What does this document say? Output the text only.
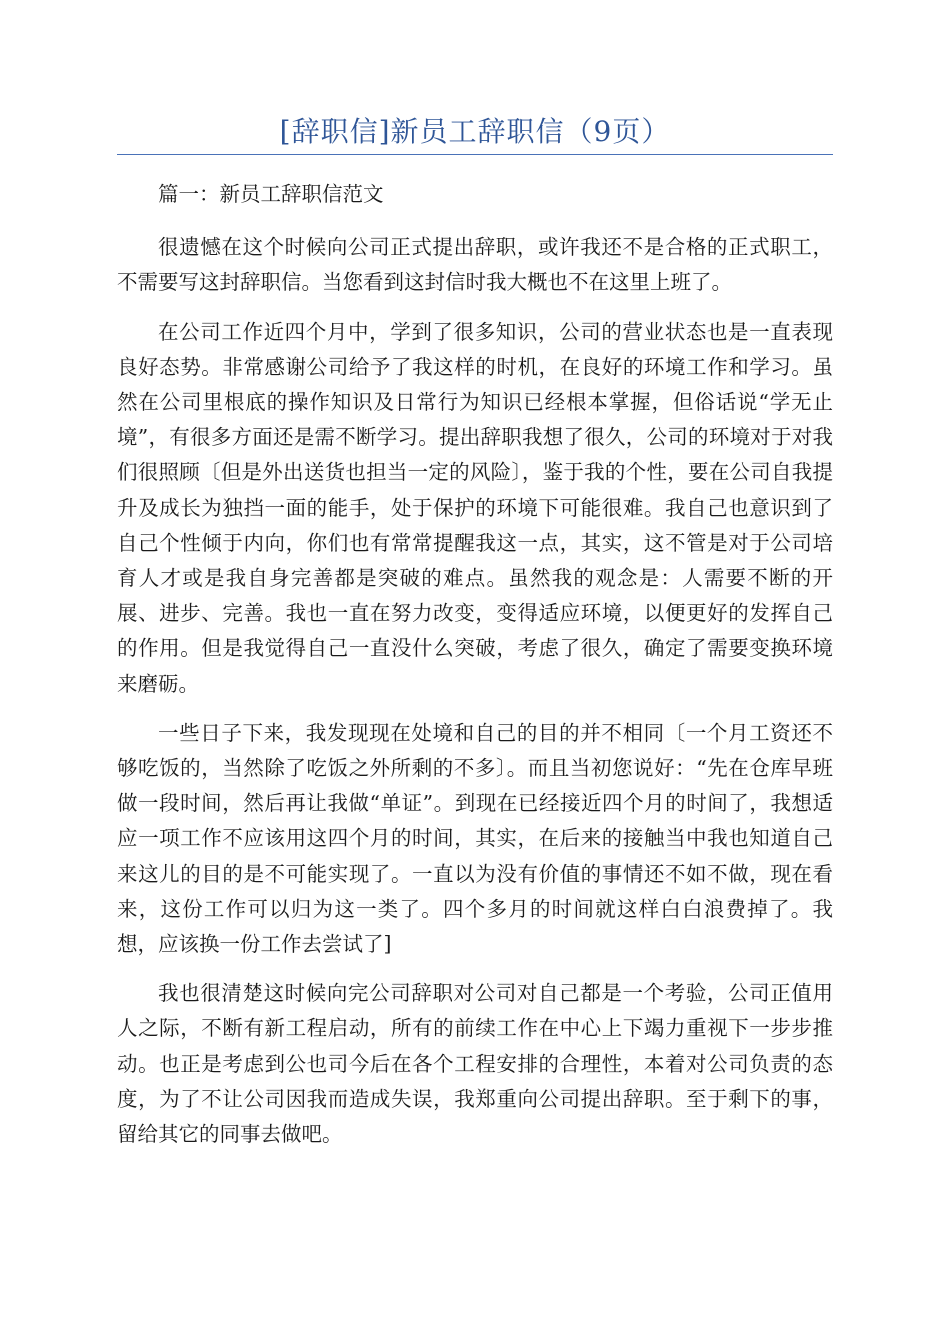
[辞职信]新员工辞职信（9页）

篇一：新员工辞职信范文

很遗憾在这个时候向公司正式提出辞职，或许我还不是合格的正式职工，不需要写这封辞职信。当您看到这封信时我大概也不在这里上班了。

在公司工作近四个月中，学到了很多知识，公司的营业状态也是一直表现良好态势。非常感谢公司给予了我这样的时机，在良好的环境工作和学习。虽然在公司里根底的操作知识及日常行为知识已经根本掌握，但俗话说“学无止境”，有很多方面还是需不断学习。提出辞职我想了很久，公司的环境对于对我们很照顾〔但是外出送货也担当一定的风险〕，鉴于我的个性，要在公司自我提升及成长为独挡一面的能手，处于保护的环境下可能很难。我自己也意识到了自己个性倾于内向，你们也有常常提醒我这一点，其实，这不管是对于公司培育人才或是我自身完善都是突破的难点。虽然我的观念是：人需要不断的开展、进步、完善。我也一直在努力改变，变得适应环境，以便更好的发挥自己的作用。但是我觉得自己一直没什么突破，考虑了很久，确定了需要变换环境来磨砺。

一些日子下来，我发现现在处境和自己的目的并不相同〔一个月工资还不够吃饭的，当然除了吃饭之外所剩的不多〕。而且当初您说好：“先在仓库早班做一段时间，然后再让我做“单证”。到现在已经接近四个月的时间了，我想适应一项工作不应该用这四个月的时间，其实，在后来的接触当中我也知道自己来这儿的目的是不可能实现了。一直以为没有价值的事情还不如不做，现在看来，这份工作可以归为这一类了。四个多月的时间就这样白白浪费掉了。我想，应该换一份工作去尝试了]

我也很清楚这时候向完公司辞职对公司对自己都是一个考验，公司正值用人之际，不断有新工程启动，所有的前续工作在中心上下竭力重视下一步步推动。也正是考虑到公也司今后在各个工程安排的合理性，本着对公司负责的态度，为了不让公司因我而造成失误，我郑重向公司提出辞职。至于剩下的事，留给其它的同事去做吧。
